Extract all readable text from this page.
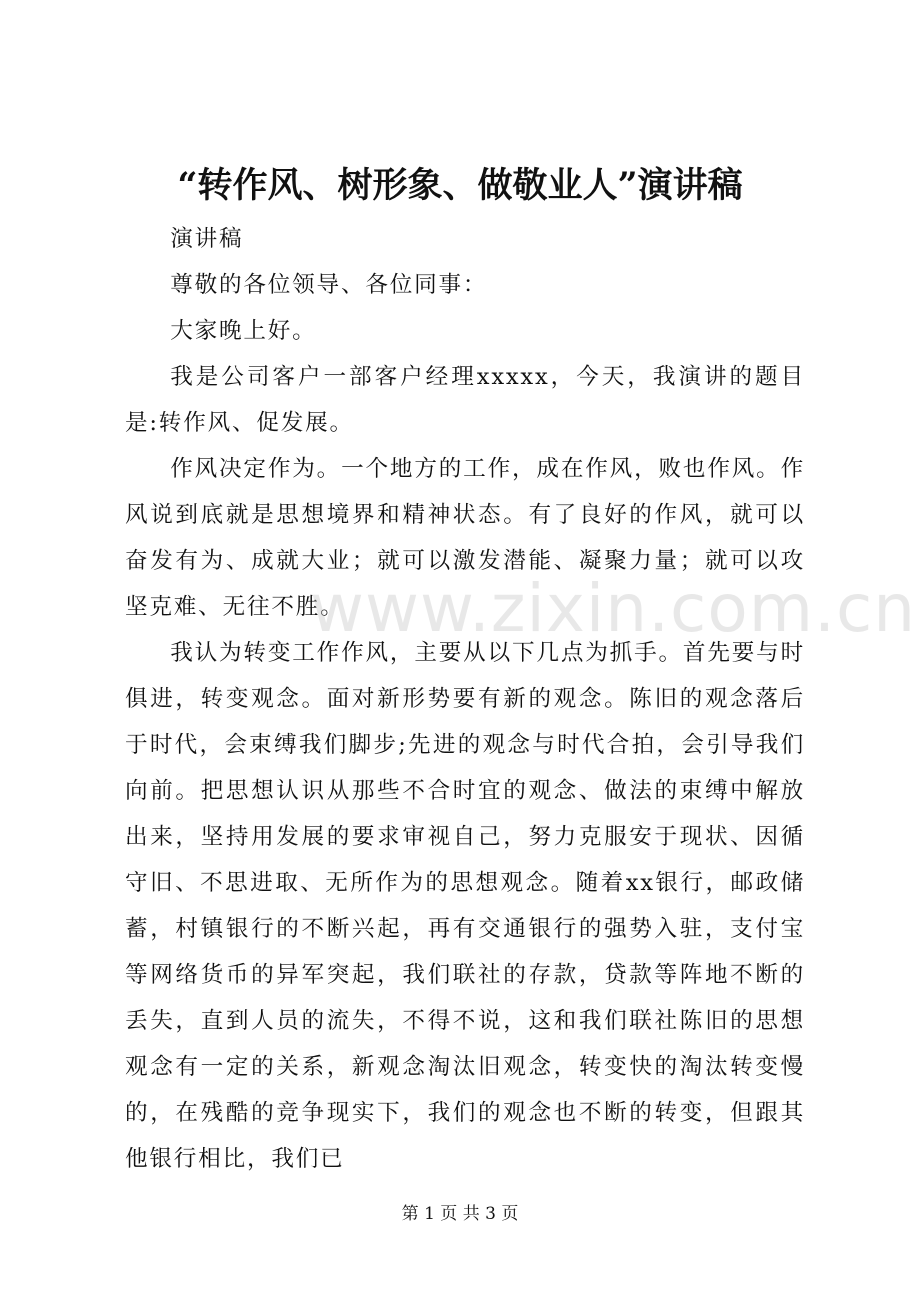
“转作风、树形象、做敬业人”演讲稿

演讲稿

尊敬的各位领导、各位同事：

大家晚上好。

我是公司客户一部客户经理xxxxx，今天，我演讲的题目是:转作风、促发展。

作风决定作为。一个地方的工作，成在作风，败也作风。作风说到底就是思想境界和精神状态。有了良好的作风，就可以奋发有为、成就大业；就可以激发潜能、凝聚力量；就可以攻坚克难、无往不胜。

我认为转变工作作风，主要从以下几点为抓手。首先要与时俱进，转变观念。面对新形势要有新的观念。陈旧的观念落后于时代，会束缚我们脚步;先进的观念与时代合拍，会引导我们向前。把思想认识从那些不合时宜的观念、做法的束缚中解放出来，坚持用发展的要求审视自己，努力克服安于现状、因循守旧、不思进取、无所作为的思想观念。随着xx银行，邮政储蓄，村镇银行的不断兴起，再有交通银行的强势入驻，支付宝等网络货币的异军突起，我们联社的存款，贷款等阵地不断的丢失，直到人员的流失，不得不说，这和我们联社陈旧的思想观念有一定的关系，新观念淘汰旧观念，转变快的淘汰转变慢的，在残酷的竞争现实下，我们的观念也不断的转变，但跟其他银行相比，我们已

www.zixin.com.cn
第 1 页 共 3 页
